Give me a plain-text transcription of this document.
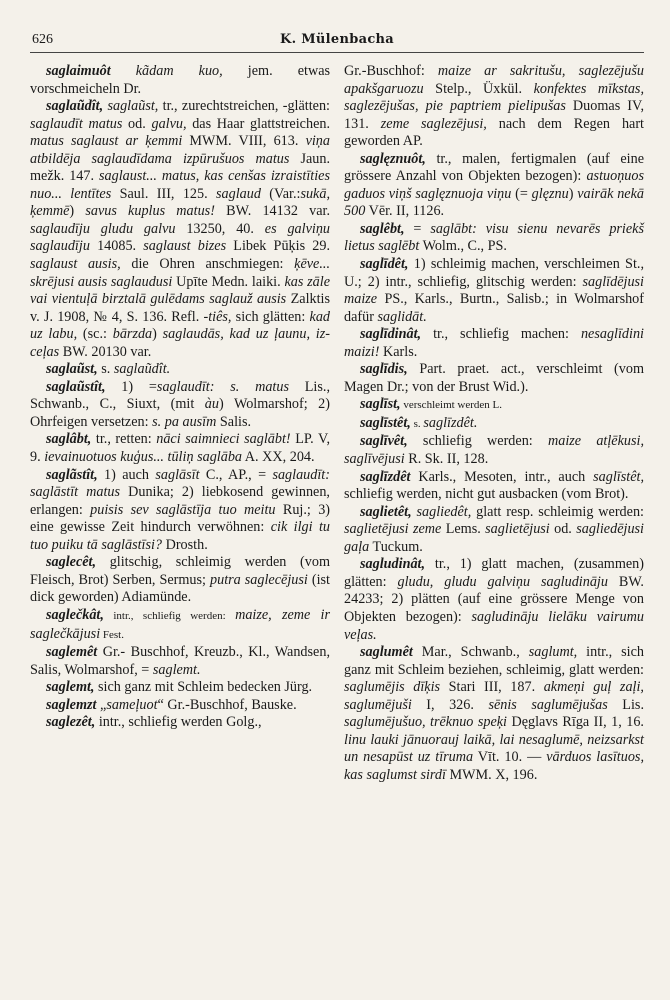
626	K. Mülenbacha

saglaimuôt kãdam kuo, jem. etwas vorschmeicheln Dr.

saglaũdît, saglaũst, tr., zurechtstreichen, -glätten: saglaudīt matus od. galvu, das Haar glattstreichen. matus saglaust ar ķemmi MWM. VIII, 613. viņa atbildēja saglaudīdama izpūrušuos matus Jaun. mežk. 147. saglaust... matus, kas cenšas izraistīties nuo... lentītes Saul. III, 125. saglaud (Var.:sukā, ķemmē) savus kuplus matus! BW. 14132 var. saglaudīju gludu galvu 13250, 40. es galviņu saglaudīju 14085. saglaust bizes Libek Pūķis 29. saglaust ausis, die Ohren anschmiegen: ķēve... skrējusi ausis saglaudusi Upīte Medn. laiki. kas zāle vai vientuļā birztalā gulēdams saglauž ausis Zalktis v. J. 1908, № 4, S. 136. Refl. -tiês, sich glätten: kad uz labu, (sc.: bārzda) saglaudās, kad uz ļaunu, izceļas BW. 20130 var.

saglaũst, s. saglaũdît.

saglaũstît, 1) =saglaudīt: s. matus Lis., Schwanb., C., Siuxt, (mit àu) Wolmarshof; 2) Ohrfeigen versetzen: s. pa ausīm Salis.

saglâbt, tr., retten: nāci saimnieci saglābt! LP. V, 9. ievainuotuos kuģus... tūliņ saglāba A. XX, 204.

saglãstît, 1) auch saglāsīt C., AP., = saglaudīt: saglāstīt matus Dunika; 2) liebkosend gewinnen, erlangen: puisis sev saglāstīja tuo meitu Ruj.; 3) eine gewisse Zeit hindurch verwöhnen: cik ilgi tu tuo puiku tā saglāstīsi? Drosth.

saglecêt, glitschig, schleimig werden (vom Fleisch, Brot) Serben, Sermus; putra saglecējusi (ist dick geworden) Adiamünde.

saglečkât, intr., schliefig werden: maize, zeme ir saglečkājusi Fest.

saglemêt Gr.- Buschhof, Kreuzb., Kl., Wandsen, Salis, Wolmarshof, = saglemt.

saglemt, sich ganz mit Schleim bedecken Jürg.

saglemzt „sameļuot“ Gr.-Buschhof, Bauske.

saglezêt, intr., schliefig werden Golg.,

Gr.-Buschhof: maize ar sakritušu, saglezējušu apakšgaruozu Stelp., Üxkül. konfektes mīkstas, saglezējušas, pie paptriem pielipušas Duomas IV, 131. zeme saglezējusi, nach dem Regen hart geworden AP.

saglęznuôt, tr., malen, fertigmalen (auf eine grössere Anzahl von Objekten bezogen): astuoņuos gaduos viņš saglęznuoja viņu (= glęznu) vairāk nekā 500 Vēr. II, 1126.

saglêbt, = saglābt: visu sienu nevarēs priekš lietus saglēbt Wolm., C., PS.

saglīdêt, 1) schleimig machen, verschleimen St., U.; 2) intr., schliefig, glitschig werden: saglīdējusi maize PS., Karls., Burtn., Salisb.; in Wolmarshof dafür saglidāt.

saglīdinât, tr., schliefig machen: nesaglīdini maizi! Karls.

saglīdis, Part. praet. act., verschleimt (vom Magen Dr.; von der Brust Wid.).

saglīst, verschleimt werden L.

saglīstêt, s. saglīzdêt.

saglīvêt, schliefig werden: maize atļēkusi, saglīvējusi R. Sk. II, 128.

saglīzdêt Karls., Mesoten, intr., auch saglīstêt, schliefig werden, nicht gut ausbacken (vom Brot).

saglietêt, sagliedêt, glatt resp. schleimig werden: saglietējusi zeme Lems. saglietējusi od. sagliedējusi gaļa Tuckum.

sagludinât, tr., 1) glatt machen, (zusammen) glätten: gludu, gludu galviņu sagludināju BW. 24233; 2) plätten (auf eine grössere Menge von Objekten bezogen): sagludināju lielāku vairumu veļas.

saglumêt Mar., Schwanb., saglumt, intr., sich ganz mit Schleim beziehen, schleimig, glatt werden: saglumējis dīķis Stari III, 187. akmeņi guļ zaļi, saglumējuši I, 326. sēnis saglumējušas Lis. saglumējušuo, trēknuo speķi Dęglavs Rīga II, 1, 16. linu lauki jānuorauj laikā, lai nesaglumē, neizsarkst un nesapūst uz tīruma Vīt. 10. — vārduos lasītuos, kas saglumst sirdī MWM. X, 196.
